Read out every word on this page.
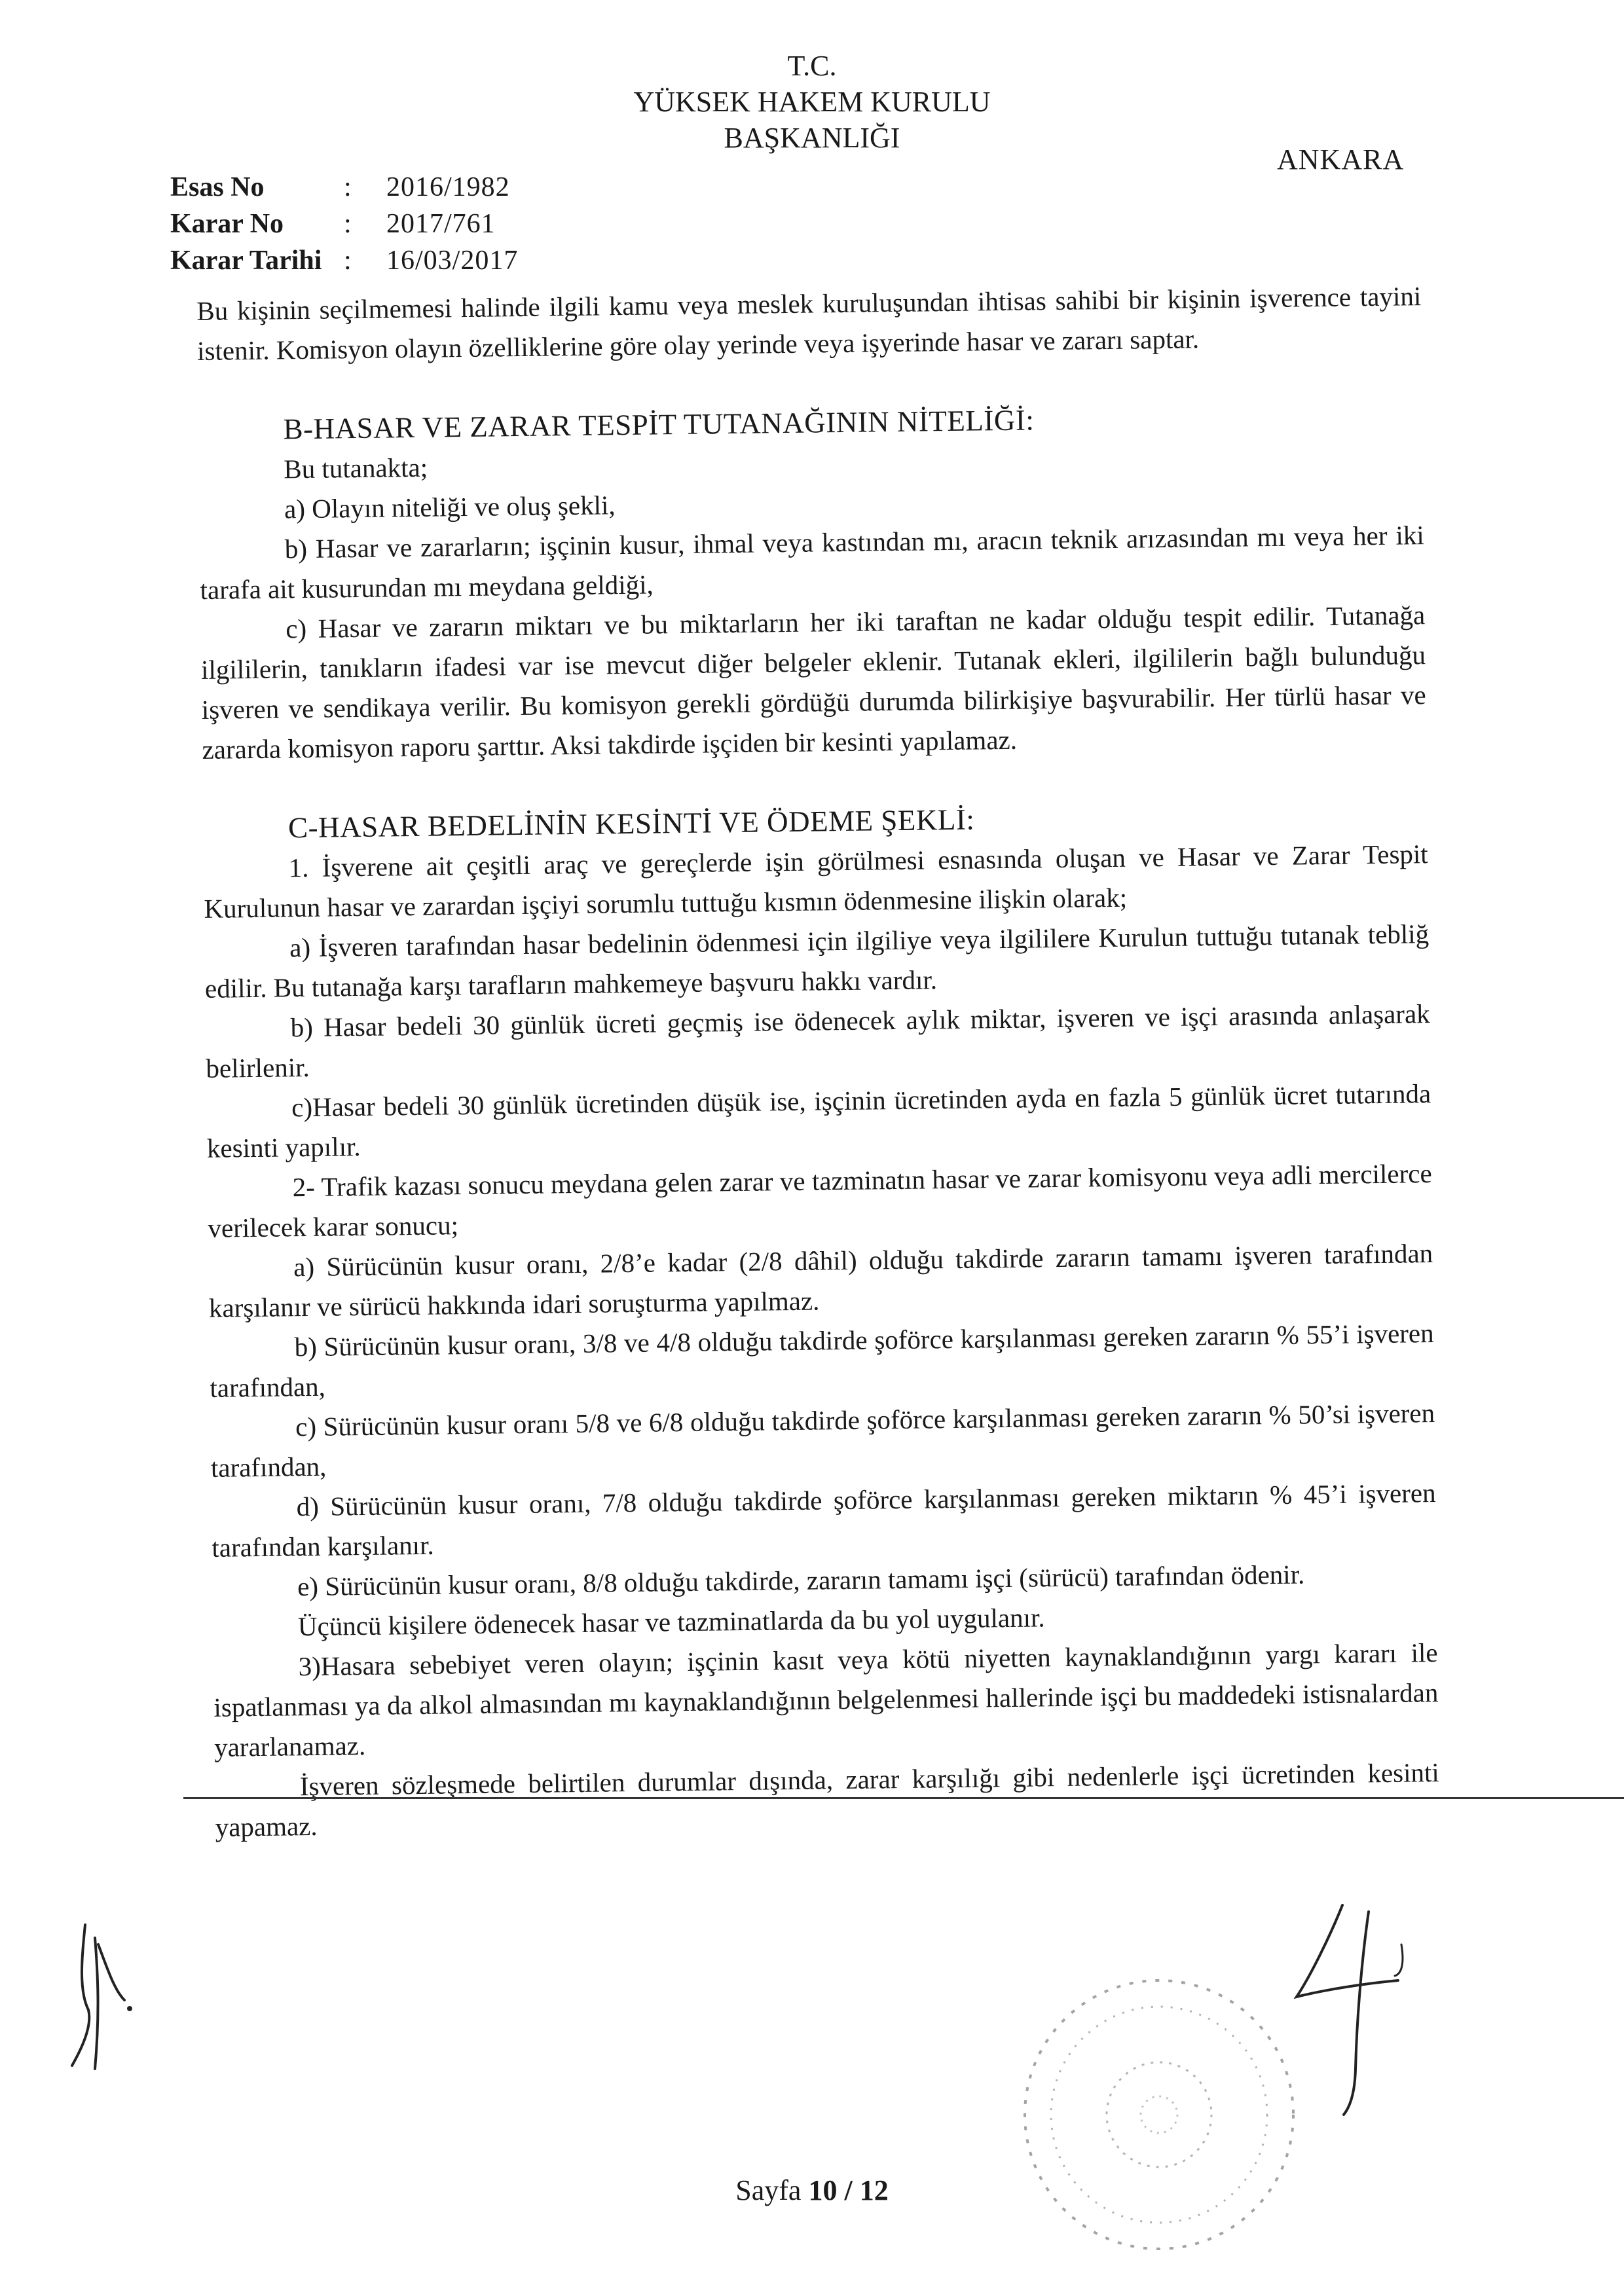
T.C.
YÜKSEK HAKEM KURULU
BAŞKANLIĞI
ANKARA
Esas No	:	2016/1982
Karar No	:	2017/761
Karar Tarihi :	16/03/2017

Bu kişinin seçilmemesi halinde ilgili kamu veya meslek kuruluşundan ihtisas sahibi bir kişinin işverence tayini istenir. Komisyon olayın özelliklerine göre olay yerinde veya işyerinde hasar ve zararı saptar.

B-HASAR VE ZARAR TESPİT TUTANAĞININ NİTELİĞİ:

Bu tutanakta;

a) Olayın niteliği ve oluş şekli,

b) Hasar ve zararların; işçinin kusur, ihmal veya kastından mı, aracın teknik arızasından mı veya her iki tarafa ait kusurundan mı meydana geldiği,

c) Hasar ve zararın miktarı ve bu miktarların her iki taraftan ne kadar olduğu tespit edilir. Tutanağa ilgililerin, tanıkların ifadesi var ise mevcut diğer belgeler eklenir. Tutanak ekleri, ilgililerin bağlı bulunduğu işveren ve sendikaya verilir. Bu komisyon gerekli gördüğü durumda bilirkişiye başvurabilir. Her türlü hasar ve zararda komisyon raporu şarttır. Aksi takdirde işçiden bir kesinti yapılamaz.

C-HASAR BEDELİNİN KESİNTİ VE ÖDEME ŞEKLİ:

1. İşverene ait çeşitli araç ve gereçlerde işin görülmesi esnasında oluşan ve Hasar ve Zarar Tespit Kurulunun hasar ve zarardan işçiyi sorumlu tuttuğu kısmın ödenmesine ilişkin olarak;

a) İşveren tarafından hasar bedelinin ödenmesi için ilgiliye veya ilgililere Kurulun tuttuğu tutanak tebliğ edilir. Bu tutanağa karşı tarafların mahkemeye başvuru hakkı vardır.

b) Hasar bedeli 30 günlük ücreti geçmiş ise ödenecek aylık miktar, işveren ve işçi arasında anlaşarak belirlenir.

c)Hasar bedeli 30 günlük ücretinden düşük ise, işçinin ücretinden ayda en fazla 5 günlük ücret tutarında kesinti yapılır.

2- Trafik kazası sonucu meydana gelen zarar ve tazminatın hasar ve zarar komisyonu veya adli mercilerce verilecek karar sonucu;

a) Sürücünün kusur oranı, 2/8’e kadar (2/8 dâhil) olduğu takdirde zararın tamamı işveren tarafından karşılanır ve sürücü hakkında idari soruşturma yapılmaz.

b) Sürücünün kusur oranı, 3/8 ve 4/8 olduğu takdirde şoförce karşılanması gereken zararın % 55’i işveren tarafından,

c) Sürücünün kusur oranı 5/8 ve 6/8 olduğu takdirde şoförce karşılanması gereken zararın % 50’si işveren tarafından,

d) Sürücünün kusur oranı, 7/8 olduğu takdirde şoförce karşılanması gereken miktarın % 45’i işveren tarafından karşılanır.

e) Sürücünün kusur oranı, 8/8 olduğu takdirde, zararın tamamı işçi (sürücü) tarafından ödenir.

Üçüncü kişilere ödenecek hasar ve tazminatlarda da bu yol uygulanır.

3)Hasara sebebiyet veren olayın; işçinin kasıt veya kötü niyetten kaynaklandığının yargı kararı ile ispatlanması ya da alkol almasından mı kaynaklandığının belgelenmesi hallerinde işçi bu maddedeki istisnalardan yararlanamaz.

İşveren sözleşmede belirtilen durumlar dışında, zarar karşılığı gibi nedenlerle işçi ücretinden kesinti yapamaz.

Sayfa 10 / 12
